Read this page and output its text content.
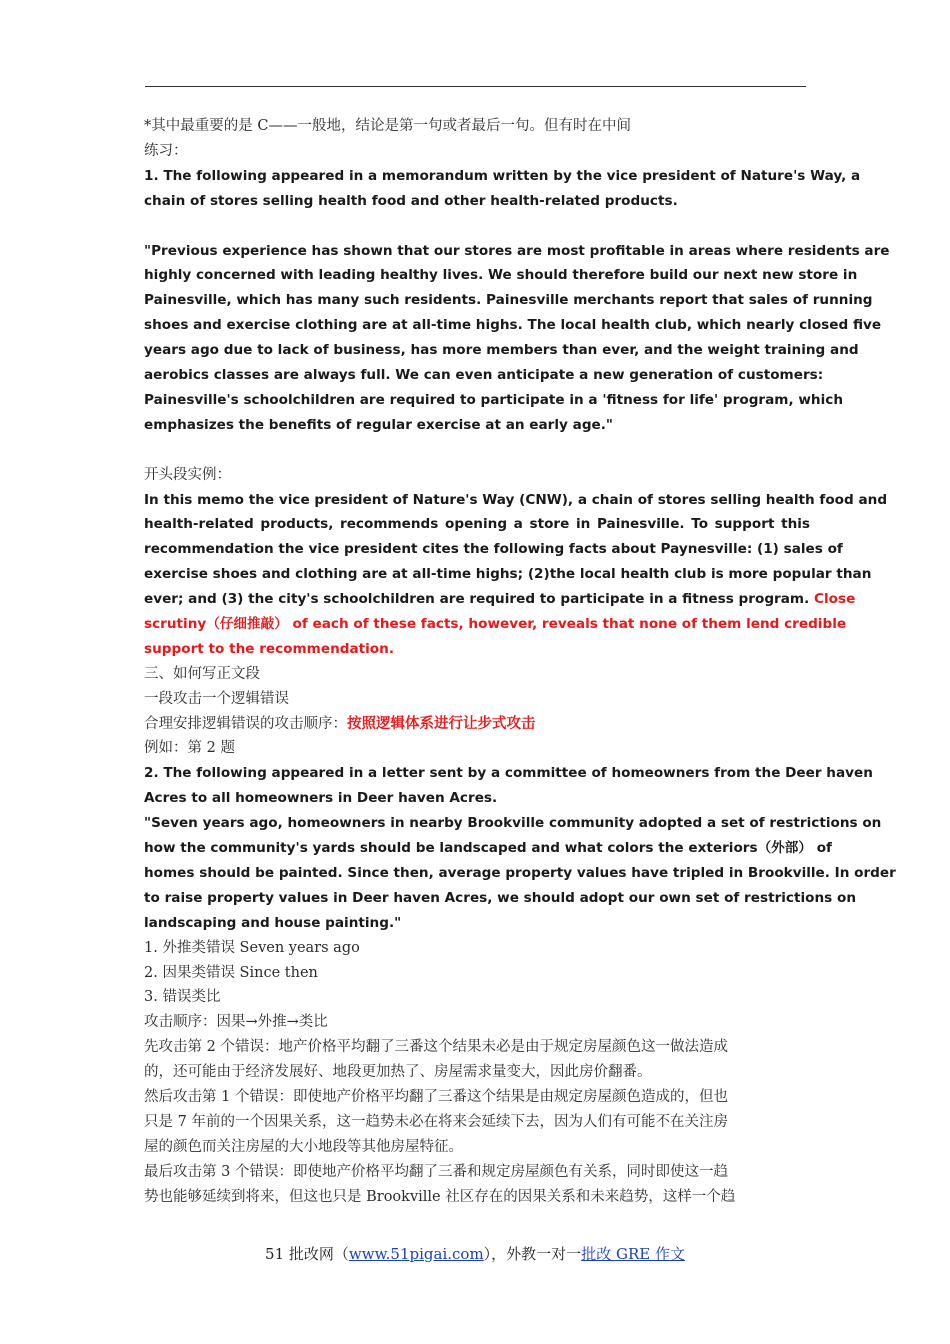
*其中最重要的是 C——一般地，结论是第一句或者最后一句。但有时在中间
练习：
1. The following appeared in a memorandum written by the vice president of Nature's Way, a
chain of stores selling health food and other health-related products.
"Previous experience has shown that our stores are most profitable in areas where residents are
highly concerned with leading healthy lives. We should therefore build our next new store in
Painesville, which has many such residents. Painesville merchants report that sales of running
shoes and exercise clothing are at all-time highs. The local health club, which nearly closed five
years ago due to lack of business, has more members than ever, and the weight training and
aerobics classes are always full. We can even anticipate a new generation of customers:
Painesville's schoolchildren are required to participate in a 'fitness for life' program, which
emphasizes the benefits of regular exercise at an early age."
开头段实例：
In this memo the vice president of Nature's Way (CNW), a chain of stores selling health food and
health-related products, recommends opening a store in Painesville. To support this
recommendation the vice president cites the following facts about Paynesville: (1) sales of
exercise shoes and clothing are at all-time highs; (2)the local health club is more popular than
ever; and (3) the city's schoolchildren are required to participate in a fitness program. Close
scrutiny（仔细推敲） of each of these facts, however, reveals that none of them lend credible
support to the recommendation.
三、如何写正文段
一段攻击一个逻辑错误
合理安排逻辑错误的攻击顺序：按照逻辑体系进行让步式攻击
例如：第 2 题
2. The following appeared in a letter sent by a committee of homeowners from the Deer haven
Acres to all homeowners in Deer haven Acres.
"Seven years ago, homeowners in nearby Brookville community adopted a set of restrictions on
how the community's yards should be landscaped and what colors the exteriors（外部） of
homes should be painted. Since then, average property values have tripled in Brookville. In order
to raise property values in Deer haven Acres, we should adopt our own set of restrictions on
landscaping and house painting."
1. 外推类错误 Seven years ago
2. 因果类错误 Since then
3. 错误类比
攻击顺序：因果→外推→类比
先攻击第 2 个错误：地产价格平均翻了三番这个结果未必是由于规定房屋颜色这一做法造成
的，还可能由于经济发展好、地段更加热了、房屋需求量变大，因此房价翻番。
然后攻击第 1 个错误：即使地产价格平均翻了三番这个结果是由规定房屋颜色造成的，但也
只是 7 年前的一个因果关系，这一趋势未必在将来会延续下去，因为人们有可能不在关注房
屋的颜色而关注房屋的大小地段等其他房屋特征。
最后攻击第 3 个错误：即使地产价格平均翻了三番和规定房屋颜色有关系，同时即使这一趋
势也能够延续到将来，但这也只是 Brookville 社区存在的因果关系和未来趋势，这样一个趋
51 批改网（www.51pigai.com），外教一对一批改 GRE 作文
